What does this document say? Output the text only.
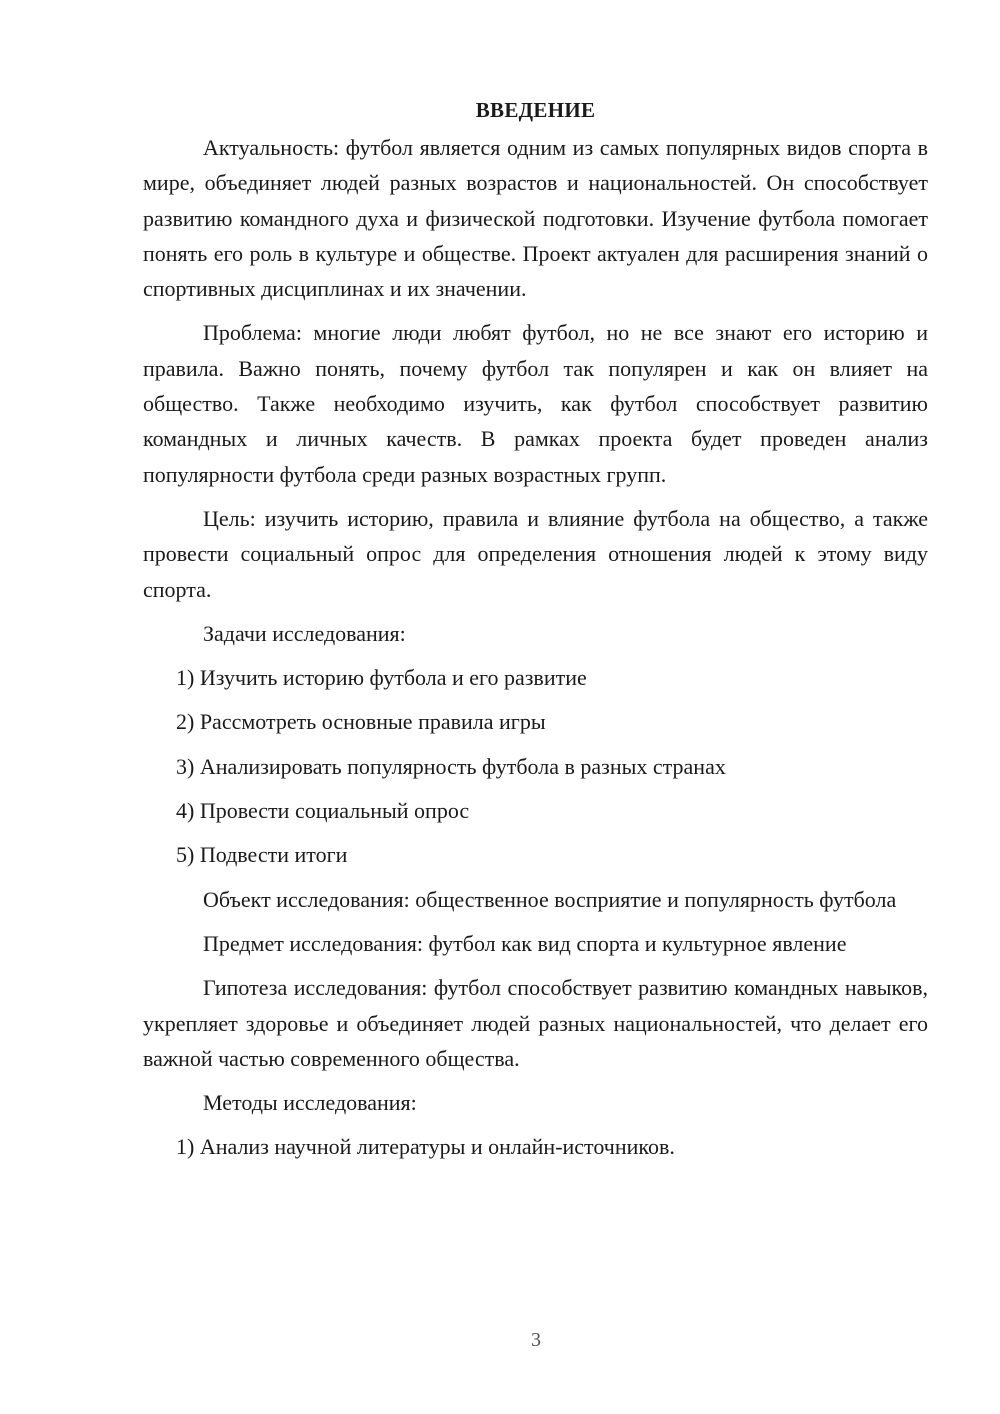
ВВЕДЕНИЕ

Актуальность: футбол является одним из самых популярных видов спорта в мире, объединяет людей разных возрастов и национальностей. Он способствует развитию командного духа и физической подготовки. Изучение футбола помогает понять его роль в культуре и обществе. Проект актуален для расширения знаний о спортивных дисциплинах и их значении.

Проблема: многие люди любят футбол, но не все знают его историю и правила. Важно понять, почему футбол так популярен и как он влияет на общество. Также необходимо изучить, как футбол способствует развитию командных и личных качеств. В рамках проекта будет проведен анализ популярности футбола среди разных возрастных групп.

Цель: изучить историю, правила и влияние футбола на общество, а также провести социальный опрос для определения отношения людей к этому виду спорта.

Задачи исследования:

1) Изучить историю футбола и его развитие
2) Рассмотреть основные правила игры
3) Анализировать популярность футбола в разных странах
4) Провести социальный опрос
5) Подвести итоги

Объект исследования: общественное восприятие и популярность футбола

Предмет исследования: футбол как вид спорта и культурное явление

Гипотеза исследования: футбол способствует развитию командных навыков, укрепляет здоровье и объединяет людей разных национальностей, что делает его важной частью современного общества.

Методы исследования:

1) Анализ научной литературы и онлайн-источников.
3
